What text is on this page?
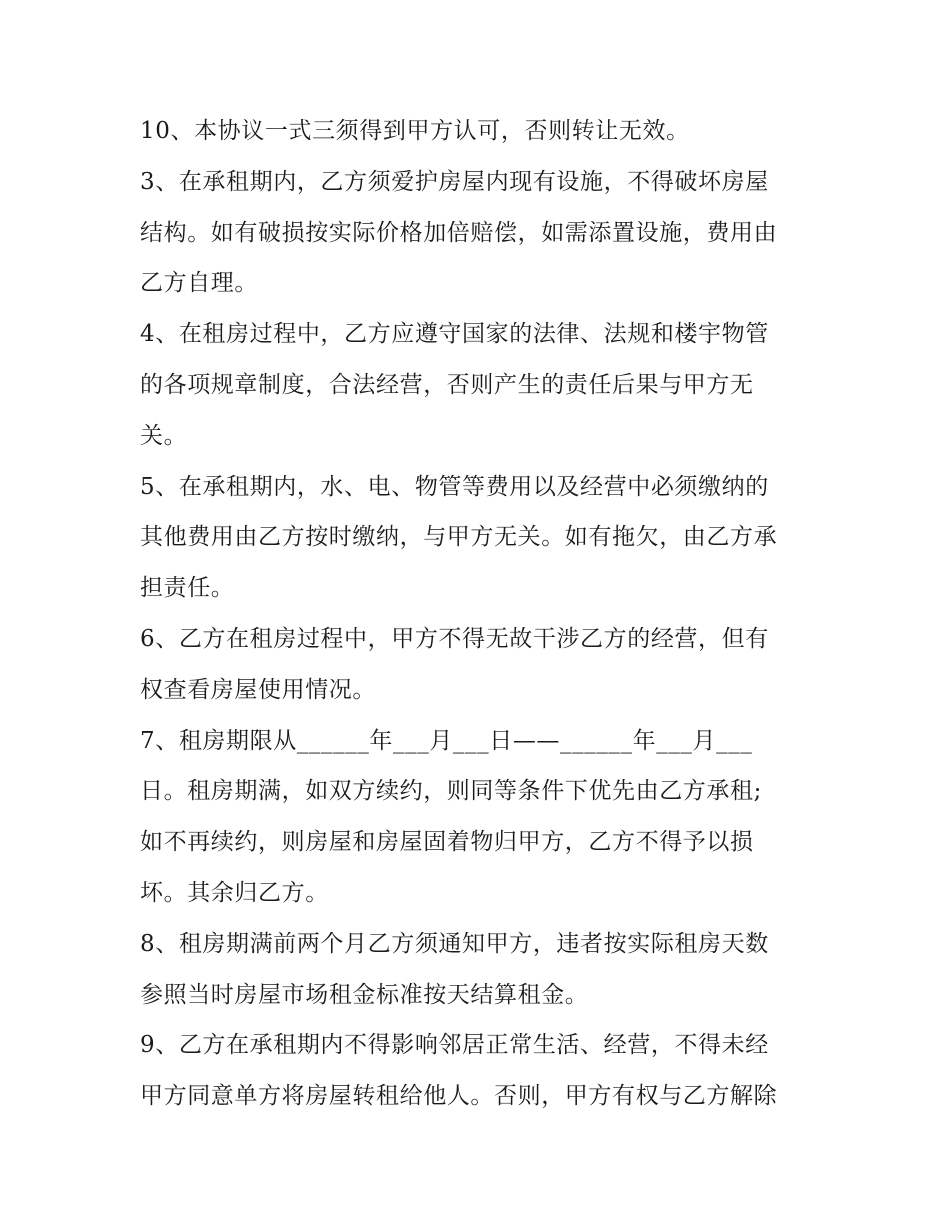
10、本协议一式三须得到甲方认可，否则转让无效。
3、在承租期内，乙方须爱护房屋内现有设施，不得破坏房屋
结构。如有破损按实际价格加倍赔偿，如需添置设施，费用由
乙方自理。
4、在租房过程中，乙方应遵守国家的法律、法规和楼宇物管
的各项规章制度，合法经营，否则产生的责任后果与甲方无
关。
5、在承租期内，水、电、物管等费用以及经营中必须缴纳的
其他费用由乙方按时缴纳，与甲方无关。如有拖欠，由乙方承
担责任。
6、乙方在租房过程中，甲方不得无故干涉乙方的经营，但有
权查看房屋使用情况。
7、租房期限从______年___月___日——______年___月___
日。租房期满，如双方续约，则同等条件下优先由乙方承租;
如不再续约，则房屋和房屋固着物归甲方，乙方不得予以损
坏。其余归乙方。
8、租房期满前两个月乙方须通知甲方，违者按实际租房天数
参照当时房屋市场租金标准按天结算租金。
9、乙方在承租期内不得影响邻居正常生活、经营，不得未经
甲方同意单方将房屋转租给他人。否则，甲方有权与乙方解除
